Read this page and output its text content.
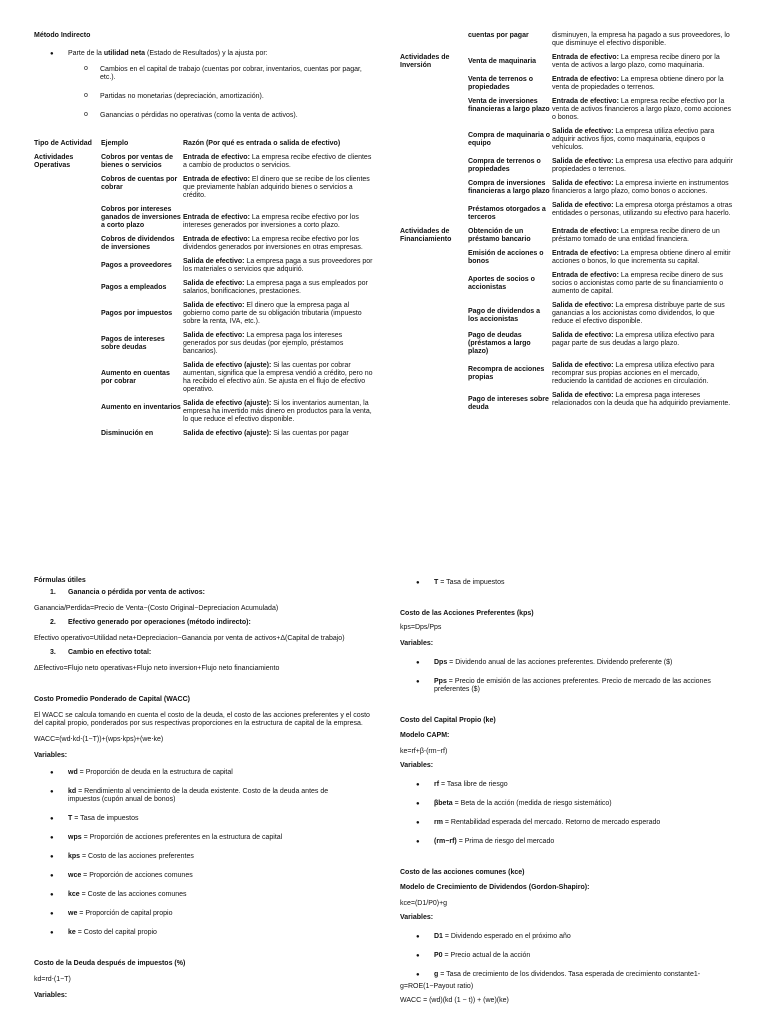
Método Indirecto
● Parte de la utilidad neta (Estado de Resultados) y la ajusta por:
o Cambios en el capital de trabajo (cuentas por cobrar, inventarios, cuentas por pagar, etc.).
o Partidas no monetarias (depreciación, amortización).
o Ganancias o pérdidas no operativas (como la venta de activos).
Tipo de Actividad	Ejemplo	Razón (Por qué es entrada o salida de efectivo)
Actividades Operativas	Cobros por ventas de bienes o servicios	Entrada de efectivo: La empresa recibe efectivo de clientes a cambio de productos o servicios.
	Cobros de cuentas por cobrar	Entrada de efectivo: El dinero que se recibe de los clientes que previamente habían adquirido bienes o servicios a crédito.
	Cobros por intereses ganados de inversiones a corto plazo	Entrada de efectivo: La empresa recibe efectivo por los intereses generados por inversiones a corto plazo.
	Cobros de dividendos de inversiones	Entrada de efectivo: La empresa recibe efectivo por los dividendos generados por inversiones en otras empresas.
	Pagos a proveedores	Salida de efectivo: La empresa paga a sus proveedores por los materiales o servicios que adquirió.
	Pagos a empleados	Salida de efectivo: La empresa paga a sus empleados por salarios, bonificaciones, prestaciones.
	Pagos por impuestos	Salida de efectivo: El dinero que la empresa paga al gobierno como parte de su obligación tributaria (impuesto sobre la renta, IVA, etc.).
	Pagos de intereses sobre deudas	Salida de efectivo: La empresa paga los intereses generados por sus deudas (por ejemplo, préstamos bancarios).
	Aumento en cuentas por cobrar	Salida de efectivo (ajuste): Si las cuentas por cobrar aumentan, significa que la empresa vendió a crédito, pero no ha recibido el efectivo aún. Se ajusta en el flujo de efectivo operativo.
	Aumento en inventarios	Salida de efectivo (ajuste): Si los inventarios aumentan, la empresa ha invertido más dinero en productos para la venta, lo que reduce el efectivo disponible.
	Disminución en	Salida de efectivo (ajuste): Si las cuentas por pagar
	cuentas por pagar	disminuyen, la empresa ha pagado a sus proveedores, lo que disminuye el efectivo disponible.
Actividades de Inversión	Venta de maquinaria	Entrada de efectivo: La empresa recibe dinero por la venta de activos a largo plazo, como maquinaria.
	Venta de terrenos o propiedades	Entrada de efectivo: La empresa obtiene dinero por la venta de propiedades o terrenos.
	Venta de inversiones financieras a largo plazo	Entrada de efectivo: La empresa recibe efectivo por la venta de activos financieros a largo plazo, como acciones o bonos.
	Compra de maquinaria o equipo	Salida de efectivo: La empresa utiliza efectivo para adquirir activos fijos, como maquinaria, equipos o vehículos.
	Compra de terrenos o propiedades	Salida de efectivo: La empresa usa efectivo para adquirir propiedades o terrenos.
	Compra de inversiones financieras a largo plazo	Salida de efectivo: La empresa invierte en instrumentos financieros a largo plazo, como bonos o acciones.
	Préstamos otorgados a terceros	Salida de efectivo: La empresa otorga préstamos a otras entidades o personas, utilizando su efectivo para hacerlo.
Actividades de Financiamiento	Obtención de un préstamo bancario	Entrada de efectivo: La empresa recibe dinero de un préstamo tomado de una entidad financiera.
	Emisión de acciones o bonos	Entrada de efectivo: La empresa obtiene dinero al emitir acciones o bonos, lo que incrementa su capital.
	Aportes de socios o accionistas	Entrada de efectivo: La empresa recibe dinero de sus socios o accionistas como parte de su financiamiento o aumento de capital.
	Pago de dividendos a los accionistas	Salida de efectivo: La empresa distribuye parte de sus ganancias a los accionistas como dividendos, lo que reduce el efectivo disponible.
	Pago de deudas (préstamos a largo plazo)	Salida de efectivo: La empresa utiliza efectivo para pagar parte de sus deudas a largo plazo.
	Recompra de acciones propias	Salida de efectivo: La empresa utiliza efectivo para recomprar sus propias acciones en el mercado, reduciendo la cantidad de acciones en circulación.
	Pago de intereses sobre deuda	Salida de efectivo: La empresa paga intereses relacionados con la deuda que ha adquirido previamente.
Fórmulas útiles
1. Ganancia o pérdida por venta de activos:
Ganancia/Perdida=Precio de Venta−(Costo Original−Depreciacion Acumulada)
2. Efectivo generado por operaciones (método indirecto):
Efectivo operativo=Utilidad neta+Depreciacion−Ganancia por venta de activos+Δ(Capital de trabajo)
3. Cambio en efectivo total:
ΔEfectivo=Flujo neto operativas+Flujo neto inversion+Flujo neto financiamiento
Costo Promedio Ponderado de Capital (WACC)
El WACC se calcula tomando en cuenta el costo de la deuda, el costo de las acciones preferentes y el costo del capital propio, ponderados por sus respectivas proporciones en la estructura de capital de la empresa.
WACC=(wd⋅kd⋅(1−T))+(wps⋅kps)+(we⋅ke)
Variables:
● wd = Proporción de deuda en la estructura de capital
● kd = Rendimiento al vencimiento de la deuda existente. Costo de la deuda antes de impuestos (cupón anual de bonos)
● T = Tasa de impuestos
● wps = Proporción de acciones preferentes en la estructura de capital
● kps = Costo de las acciones preferentes
● wce = Proporción de acciones comunes
● kce = Coste de las acciones comunes
● we = Proporción de capital propio
● ke = Costo del capital propio
Costo de la Deuda después de impuestos (%)
kd=rd⋅(1−T)
Variables:
● T = Tasa de impuestos
Costo de las Acciones Preferentes (kps)
kps=Dps/Pps
Variables:
● Dps = Dividendo anual de las acciones preferentes. Dividendo preferente ($)
● Pps = Precio de emisión de las acciones preferentes. Precio de mercado de las acciones preferentes ($)
Costo del Capital Propio (ke)
Modelo CAPM:
ke=rf+β⋅(rm−rf)
Variables:
● rf = Tasa libre de riesgo
● βbeta = Beta de la acción (medida de riesgo sistemático)
● rm = Rentabilidad esperada del mercado. Retorno de mercado esperado
● (rm−rf) = Prima de riesgo del mercado
Costo de las acciones comunes (kce)
Modelo de Crecimiento de Dividendos (Gordon-Shapiro):
kce=(D1/P0)+g
Variables:
● D1 = Dividendo esperado en el próximo año
● P0 = Precio actual de la acción
● g = Tasa de crecimiento de los dividendos. Tasa esperada de crecimiento constante1-
g=ROE(1−Payout ratio)
WACC = (wd)(kd (1 − t)) + (we)(ke)
